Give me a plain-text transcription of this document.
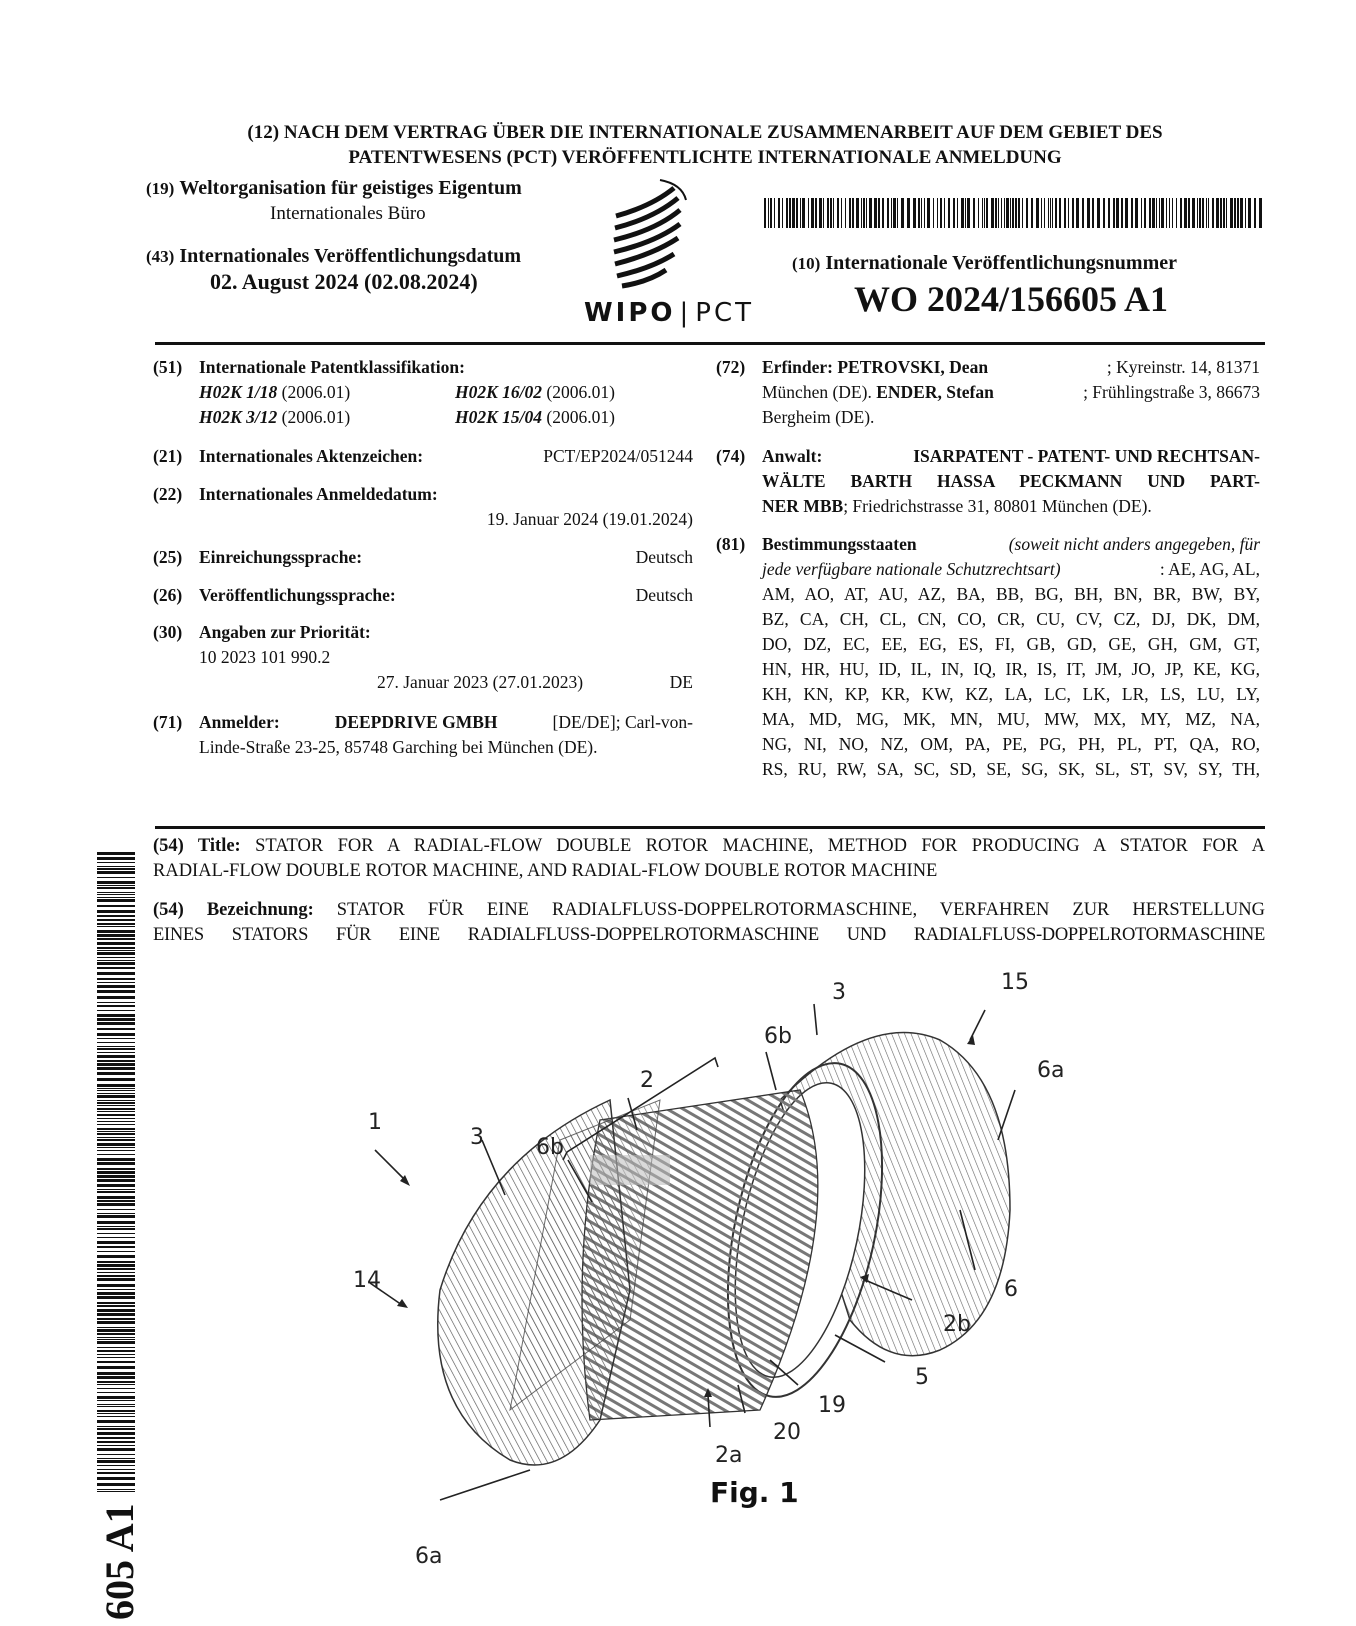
(12) NACH DEM VERTRAG ÜBER DIE INTERNATIONALE ZUSAMMENARBEIT AUF DEM GEBIET DES
PATENTWESENS (PCT) VERÖFFENTLICHTE INTERNATIONALE ANMELDUNG
(19) Weltorganisation für geistiges Eigentum
Internationales Büro
(43) Internationales Veröffentlichungsdatum
02. August 2024 (02.08.2024)
WIPO | PCT
(10) Internationale Veröffentlichungsnummer
WO 2024/156605 A1
(51) Internationale Patentklassifikation:
H02K 1/18 (2006.01)	H02K 16/02 (2006.01)
H02K 3/12 (2006.01)	H02K 15/04 (2006.01)
(21) Internationales Aktenzeichen:	PCT/EP2024/051244
(22) Internationales Anmeldedatum:
19. Januar 2024 (19.01.2024)
(25) Einreichungssprache:	Deutsch
(26) Veröffentlichungssprache:	Deutsch
(30) Angaben zur Priorität:
10 2023 101 990.2
27. Januar 2023 (27.01.2023)	DE
(71) Anmelder:	DEEPDRIVE GMBH	[DE/DE]; Carl-von-
Linde-Straße 23-25, 85748 Garching bei München (DE).
(72) Erfinder: PETROVSKI, Dean	; Kyreinstr. 14, 81371
München (DE). ENDER, Stefan	; Frühlingstraße 3, 86673
Bergheim (DE).
(74) Anwalt:	ISARPATENT - PATENT- UND RECHTSAN-
WÄLTE BARTH HASSA PECKMANN UND PART-
NER MBB; Friedrichstrasse 31, 80801 München (DE).
(81) Bestimmungsstaaten	(soweit nicht anders angegeben, für
jede verfügbare nationale Schutzrechtsart)	: AE, AG, AL,
AM, AO, AT, AU, AZ, BA, BB, BG, BH, BN, BR, BW, BY,
BZ, CA, CH, CL, CN, CO, CR, CU, CV, CZ, DJ, DK, DM,
DO, DZ, EC, EE, EG, ES, FI, GB, GD, GE, GH, GM, GT,
HN, HR, HU, ID, IL, IN, IQ, IR, IS, IT, JM, JO, JP, KE, KG,
KH, KN, KP, KR, KW, KZ, LA, LC, LK, LR, LS, LU, LY,
MA, MD, MG, MK, MN, MU, MW, MX, MY, MZ, NA,
NG, NI, NO, NZ, OM, PA, PE, PG, PH, PL, PT, QA, RO,
RS, RU, RW, SA, SC, SD, SE, SG, SK, SL, ST, SV, SY, TH,
(54) Title: STATOR FOR A RADIAL-FLOW DOUBLE ROTOR MACHINE, METHOD FOR PRODUCING A STATOR FOR A
RADIAL-FLOW DOUBLE ROTOR MACHINE, AND RADIAL-FLOW DOUBLE ROTOR MACHINE
(54) Bezeichnung: STATOR FÜR EINE RADIALFLUSS-DOPPELROTORMASCHINE, VERFAHREN ZUR HERSTELLUNG
EINES STATORS FÜR EINE RADIALFLUSS-DOPPELROTORMASCHINE UND RADIALFLUSS-DOPPELROTORMASCHINE
605 A1
1
3 6b
2
6b
3	15
6a
14	6
2b
5
19
20
2a
6a
Fig. 1
